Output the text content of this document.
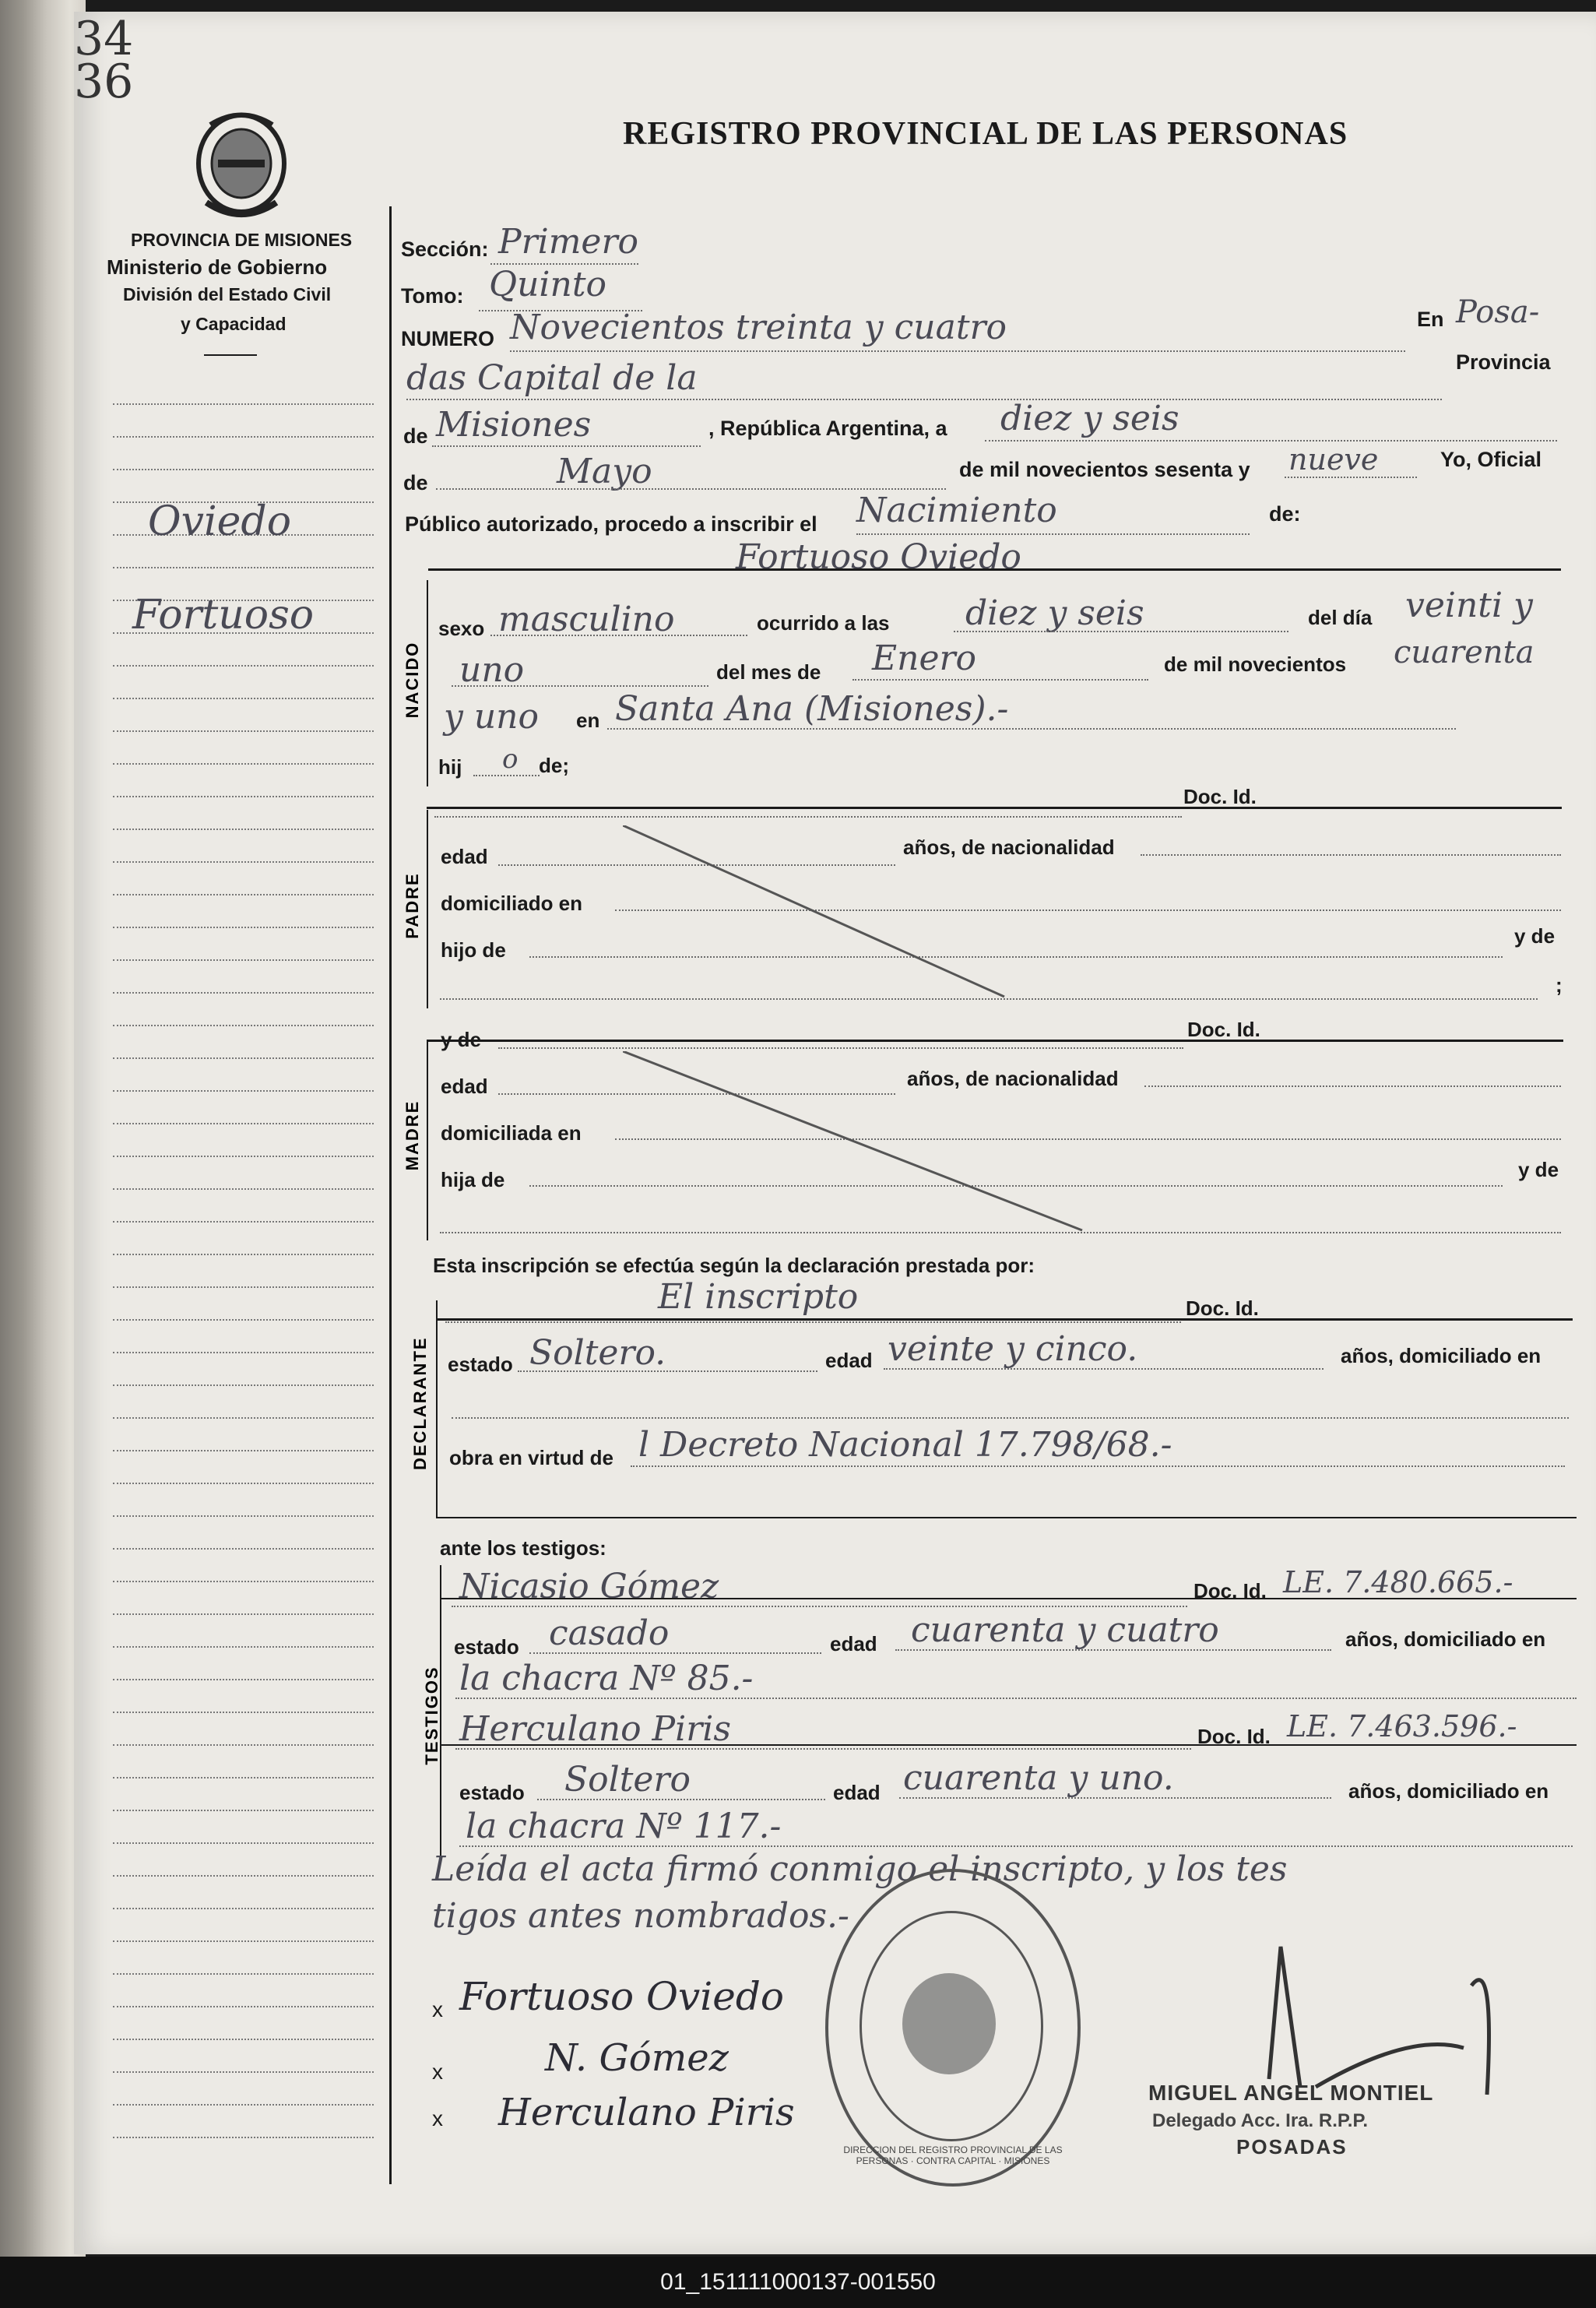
34
36
REGISTRO PROVINCIAL DE LAS PERSONAS
PROVINCIA DE MISIONES
Ministerio de Gobierno
División del Estado Civil
y Capacidad
Oviedo
Fortuoso
Sección: Primero
Tomo: Quinto
NUMERO Novecientos treinta y cuatro	En Posa-
das Capital de la	Provincia
de Misiones	, República Argentina, a diez y seis
de	Mayo	de mil novecientos sesenta y nueve	Yo, Oficial
Público autorizado, procedo a inscribir el Nacimiento	de:
Fortuoso Oviedo
NACIDO
sexo masculino	ocurrido a las diez y seis	del día veinti y
uno	del mes de Enero	de mil novecientos cuarenta
y uno en Santa Ana (Misiones).-
hij o de;
Doc. Id.
PADRE
edad	años, de nacionalidad
domiciliado en
hijo de
y de
;
y de	Doc. Id.
MADRE
edad	años, de nacionalidad
domiciliada en
hija de	y de
Esta inscripción se efectúa según la declaración prestada por:
DECLARANTE
El inscripto	Doc. Id.
estado Soltero.	edad veinte y cinco.	años, domiciliado en
obra en virtud de l Decreto Nacional 17.798/68.-
ante los testigos:
TESTIGOS
Nicasio Gómez	Doc. Id. LE. 7.480.665.-
estado casado	edad cuarenta y cuatro	años, domiciliado en
la chacra Nº 85.-
Herculano Piris	Doc. Id. LE. 7.463.596.-
estado Soltero	edad cuarenta y uno.	años, domiciliado en
la chacra Nº 117.-
Leída el acta firmó conmigo el inscripto, y los tes
tigos antes nombrados.-
x
x
x
Fortuoso Oviedo
N. Gómez
Herculano Piris
DIRECCION DEL REGISTRO PROVINCIAL DE LAS PERSONAS · CONTRA CAPITAL · MISIONES
MIGUEL ANGEL MONTIEL
Delegado Acc. Ira. R.P.P.
POSADAS
01_151111000137-001550
